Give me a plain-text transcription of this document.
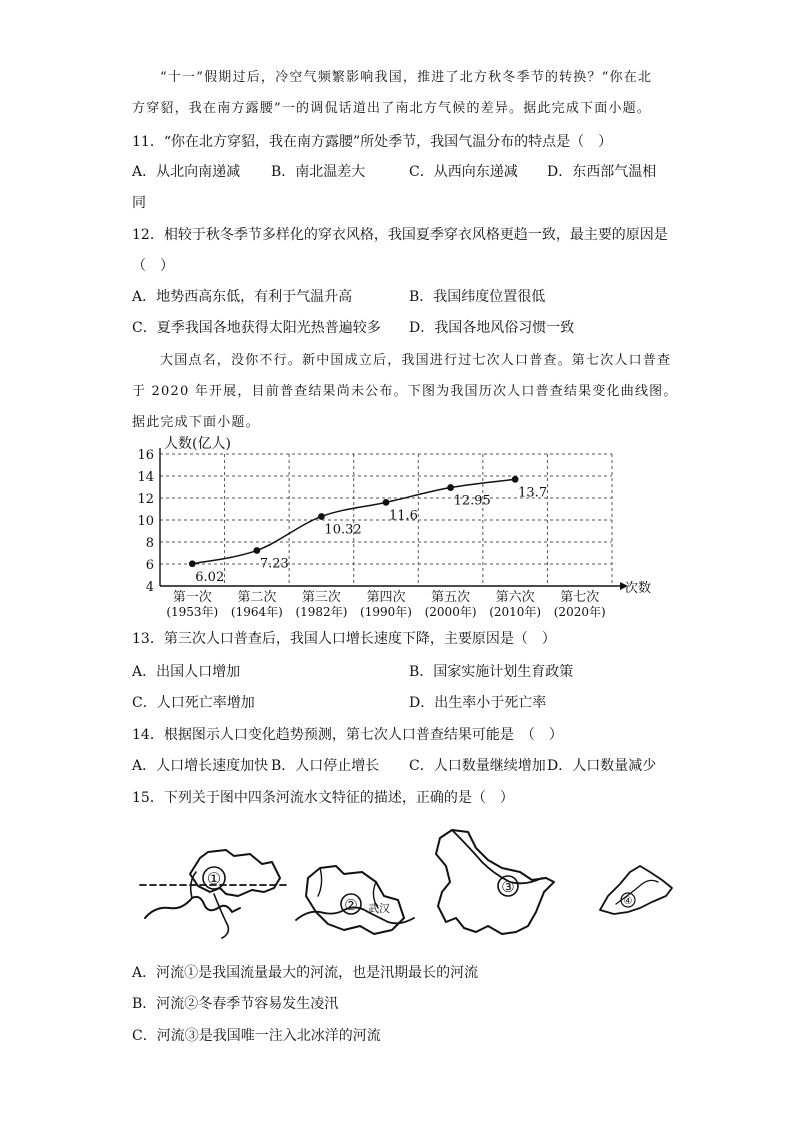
“十一”假期过后，冷空气频繁影响我国，推进了北方秋冬季节的转换？“你在北
方穿貂，我在南方露腰”一的调侃话道出了南北方气候的差异。据此完成下面小题。
11．“你在北方穿貂，我在南方露腰”所处季节，我国气温分布的特点是（　）
A．从北向南递减 B．南北温差大	C．从西向东递减 D．东西部气温相
同
12．相较于秋冬季节多样化的穿衣风格，我国夏季穿衣风格更趋一致，最主要的原因是
（　）
A．地势西高东低，有利于气温升高	B．我国纬度位置很低
C．夏季我国各地获得太阳光热普遍较多 D．我国各地风俗习惯一致
大国点名，没你不行。新中国成立后，我国进行过七次人口普查。第七次人口普查
于 2020 年开展，目前普查结果尚未公布。下图为我国历次人口普查结果变化曲线图。
据此完成下面小题。
4
6
8
10
12
14
16
6.02
7.23
10.32
11.6
12.95
13.7
第一次
(1953年)
第二次
(1964年)
第三次
(1982年)
第四次
(1990年)
第五次
(2000年)
第六次
(2010年)
第七次
(2020年)
人数(亿人)
次数
13．第三次人口普查后，我国人口增长速度下降，主要原因是（　）
A．出国人口增加	B．国家实施计划生育政策
C．人口死亡率增加	D．出生率小于死亡率
14．根据图示人口变化趋势预测，第七次人口普查结果可能是　（　）
A．人口增长速度加快 B．人口停止增长 C．人口数量继续增加 D．人口数量减少
15．下列关于图中四条河流水文特征的描述，正确的是（　）
①
② 武汉
③
④
A．河流①是我国流量最大的河流，也是汛期最长的河流
B．河流②冬春季节容易发生凌汛
C．河流③是我国唯一注入北冰洋的河流
